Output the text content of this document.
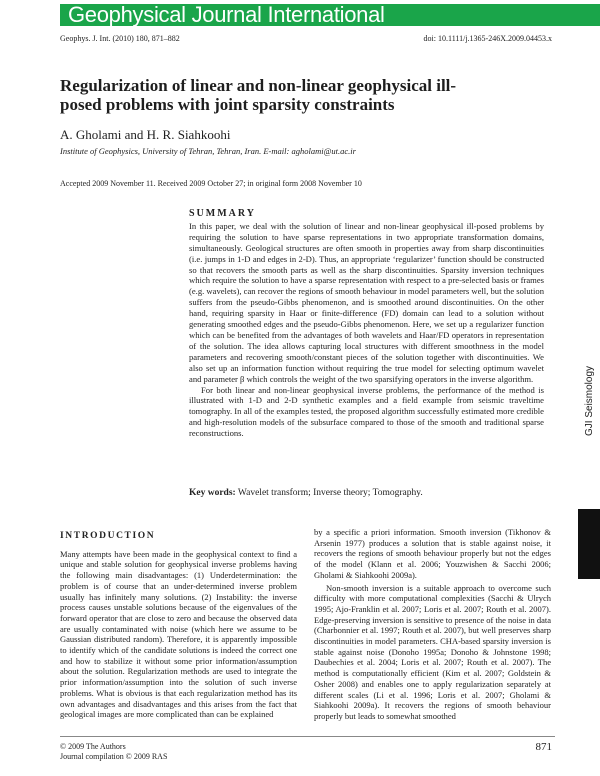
Geophysical Journal International
Geophys. J. Int. (2010) 180, 871–882	doi: 10.1111/j.1365-246X.2009.04453.x
Regularization of linear and non-linear geophysical ill-posed problems with joint sparsity constraints
A. Gholami and H. R. Siahkoohi
Institute of Geophysics, University of Tehran, Tehran, Iran. E-mail: agholami@ut.ac.ir
Accepted 2009 November 11. Received 2009 October 27; in original form 2008 November 10
SUMMARY

In this paper, we deal with the solution of linear and non-linear geophysical ill-posed problems by requiring the solution to have sparse representations in two appropriate transformation domains, simultaneously. Geological structures are often smooth in properties away from sharp discontinuities (i.e. jumps in 1-D and edges in 2-D). Thus, an appropriate ‘regularizer’ function should be constructed so that recovers the smooth parts as well as the sharp discontinuities. Sparsity inversion techniques which require the solution to have a sparse representation with respect to a pre-selected basis or frames (e.g. wavelets), can recover the regions of smooth behaviour in model parameters well, but the solution suffers from the pseudo-Gibbs phenomenon, and is smoothed around discontinuities. On the other hand, requiring sparsity in Haar or finite-difference (FD) domain can lead to a solution without generating smoothed edges and the pseudo-Gibbs phenomenon. Here, we set up a regularizer function which can be benefited from the advantages of both wavelets and Haar/FD operators in representation of the solution. The idea allows capturing local structures with different smoothness in the model parameters and recovering smooth/constant pieces of the solution together with discontinuities. We also set up an information function without requiring the true model for selecting optimum wavelet and parameter β which controls the weight of the two sparsifying operators in the inverse algorithm.

For both linear and non-linear geophysical inverse problems, the performance of the method is illustrated with 1-D and 2-D synthetic examples and a field example from seismic traveltime tomography. In all of the examples tested, the proposed algorithm successfully estimated more credible and high-resolution models of the subsurface compared to those of the smooth and traditional sparse reconstructions.

Key words: Wavelet transform; Inverse theory; Tomography.
INTRODUCTION

Many attempts have been made in the geophysical context to find a unique and stable solution for geophysical inverse problems having the following main disadvantages: (1) Underdetermination: the problem is of course that an under-determined inverse problem usually has infinitely many solutions. (2) Instability: the inverse process causes unstable solutions because of the eigenvalues of the forward operator that are close to zero and because the observed data are usually contaminated with noise (which here we assume to be Gaussian distributed random). Therefore, it is apparently impossible to identify which of the candidate solutions is indeed the correct one and how to stabilize it without some prior information/assumption about the solution. Regularization methods are used to integrate the prior information/assumption into the solution of such inverse problems. What is obvious is that each regularization method has its own advantages and disadvantages and this arises from the fact that geological images are more complicated than can be explained

by a specific a priori information. Smooth inversion (Tikhonov & Arsenin 1977) produces a solution that is stable against noise, it recovers the regions of smooth behaviour properly but not the edges of the model (Klann et al. 2006; Youzwishen & Sacchi 2006; Gholami & Siahkoohi 2009a).

Non-smooth inversion is a suitable approach to overcome such difficulty with more computational complexities (Sacchi & Ulrych 1995; Ajo-Franklin et al. 2007; Loris et al. 2007; Routh et al. 2007). Edge-preserving inversion is sensitive to presence of the noise in data (Charbonnier et al. 1997; Routh et al. 2007), but well preserves sharp discontinuities in model parameters. CHA-based sparsity inversion is stable against noise (Donoho 1995a; Donoho & Johnstone 1998; Daubechies et al. 2004; Loris et al. 2007; Routh et al. 2007). The method is computationally efficient (Kim et al. 2007; Goldstein & Osher 2008) and enables one to apply regularization separately at different scales (Li et al. 1996; Loris et al. 2007; Gholami & Siahkoohi 2009a). It recovers the regions of smooth behaviour properly but leads to somewhat smoothed

GJI Seismology
© 2009 The Authors
Journal compilation © 2009 RAS
871
